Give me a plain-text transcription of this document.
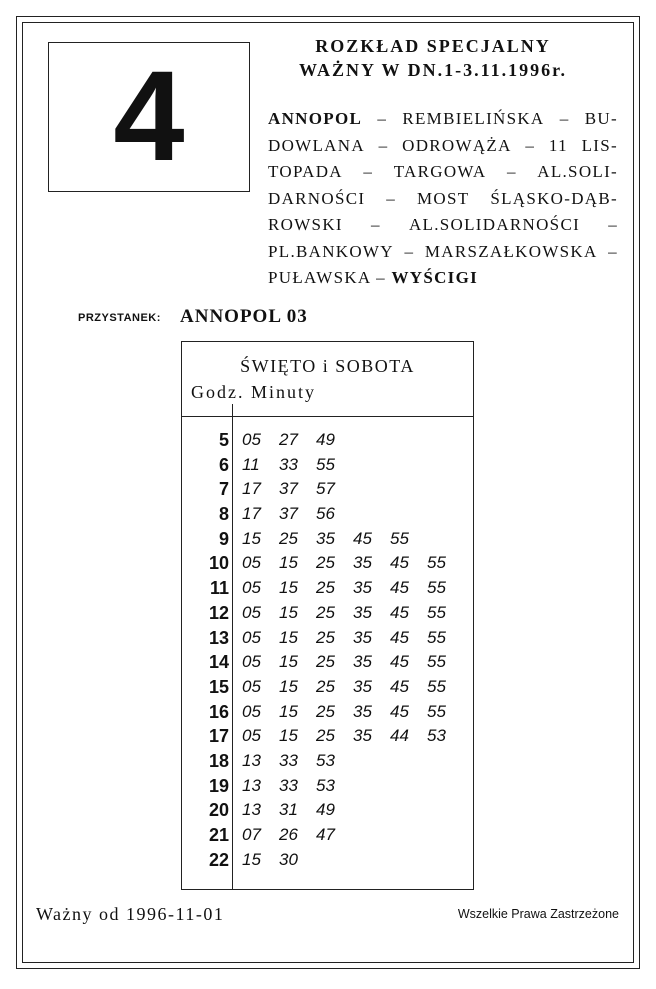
4	ROZKŁAD SPECJALNY
WAŻNY W DN.1-3.11.1996r.
ANNOPOL – REMBIELIŃSKA – BU-
DOWLANA – ODROWĄŻA – 11 LIS-
TOPADA – TARGOWA – AL.SOLI-
DARNOŚCI – MOST ŚLĄSKO-DĄB-
ROWSKI – AL.SOLIDARNOŚCI –
PL.BANKOWY – MARSZAŁKOWSKA –
PUŁAWSKA – WYŚCIGI
PRZYSTANEK: ANNOPOL 03
ŚWIĘTO i SOBOTA
Godz. Minuty
5 05 27 49
6 11 33 55
7 17 37 57
8 17 37 56
9 15 25 35 45 55
10 05 15 25 35 45 55
11 05 15 25 35 45 55
12 05 15 25 35 45 55
13 05 15 25 35 45 55
14 05 15 25 35 45 55
15 05 15 25 35 45 55
16 05 15 25 35 45 55
17 05 15 25 35 44 53
18 13 33 53
19 13 33 53
20 13 31 49
21 07 26 47
22 15 30
Ważny od 1996-11-01	Wszelkie Prawa Zastrzeżone
